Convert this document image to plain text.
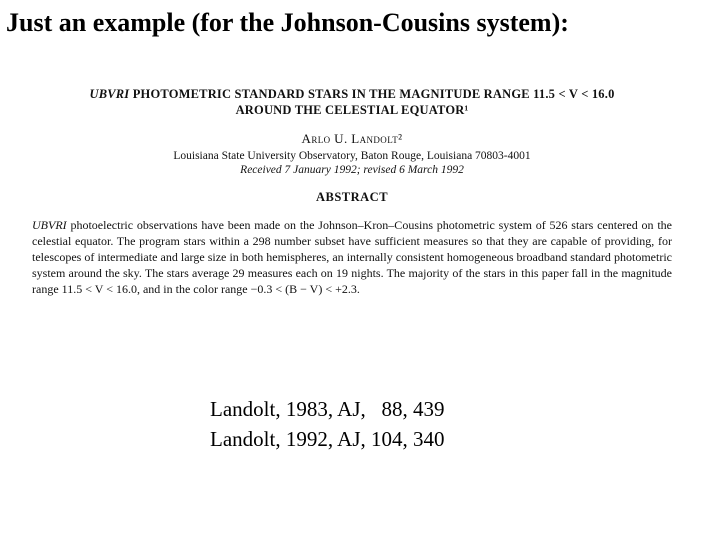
Just an example (for the Johnson-Cousins system):
UBVRI PHOTOMETRIC STANDARD STARS IN THE MAGNITUDE RANGE 11.5 < V < 16.0
AROUND THE CELESTIAL EQUATOR¹
Arlo U. Landolt²
Louisiana State University Observatory, Baton Rouge, Louisiana 70803-4001
Received 7 January 1992; revised 6 March 1992
ABSTRACT
UBVRI photoelectric observations have been made on the Johnson–Kron–Cousins photometric system of 526 stars centered on the celestial equator. The program stars within a 298 number subset have sufficient measures so that they are capable of providing, for telescopes of intermediate and large size in both hemispheres, an internally consistent homogeneous broadband standard photometric system around the sky. The stars average 29 measures each on 19 nights. The majority of the stars in this paper fall in the magnitude range 11.5 < V < 16.0, and in the color range −0.3 < (B − V) < +2.3.
Landolt, 1983, AJ,   88, 439
Landolt, 1992, AJ, 104, 340
